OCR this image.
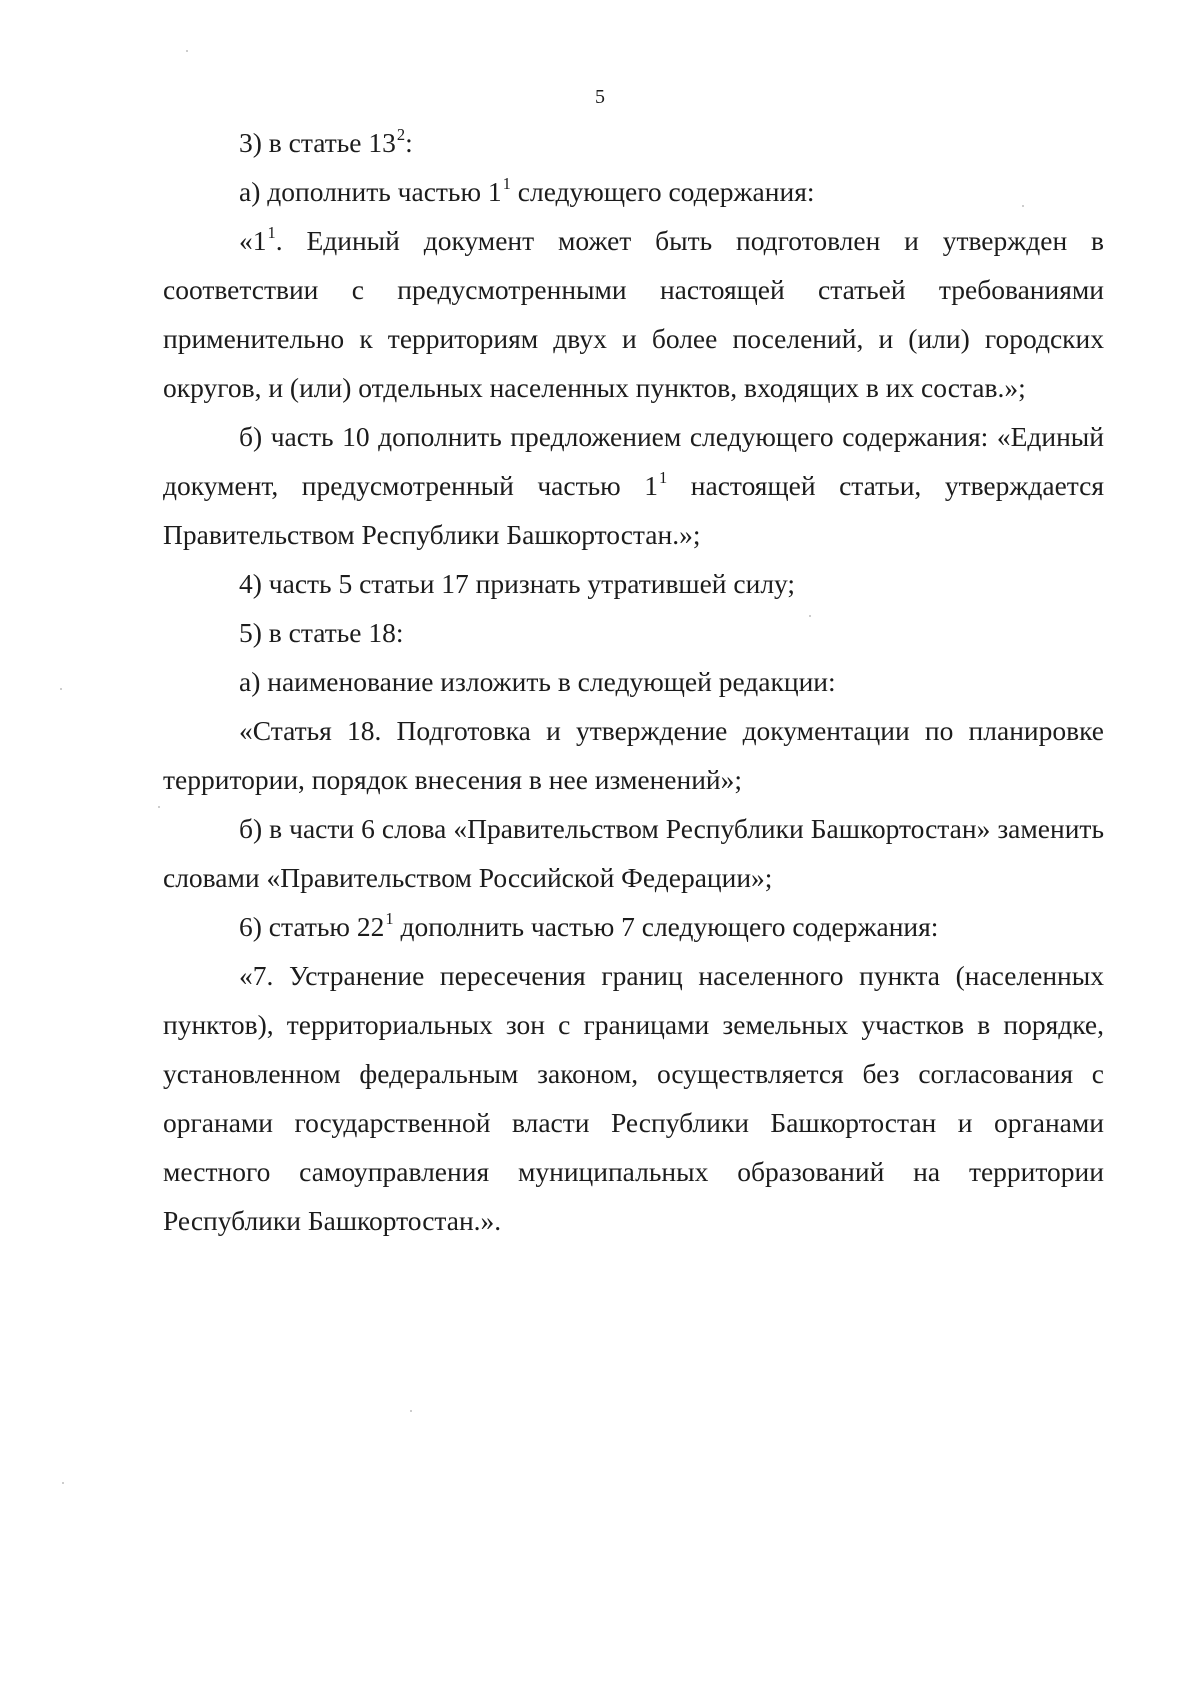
5

3) в статье $13^2$:

а) дополнить частью $1^1$ следующего содержания:

«$1^1$. Единый документ может быть подготовлен и утвержден в соответствии с предусмотренными настоящей статьей требованиями применительно к территориям двух и более поселений, и (или) городских округов, и (или) отдельных населенных пунктов, входящих в их состав.»;

б) часть 10 дополнить предложением следующего содержания: «Единый документ, предусмотренный частью $1^1$ настоящей статьи, утверждается Правительством Республики Башкортостан.»;

4) часть 5 статьи 17 признать утратившей силу;

5) в статье 18:

а) наименование изложить в следующей редакции:

«Статья 18. Подготовка и утверждение документации по планировке территории, порядок внесения в нее изменений»;

б) в части 6 слова «Правительством Республики Башкортостан» заменить словами «Правительством Российской Федерации»;

6) статью $22^1$ дополнить частью 7 следующего содержания:

«7. Устранение пересечения границ населенного пункта (населенных пунктов), территориальных зон с границами земельных участков в порядке, установленном федеральным законом, осуществляется без согласования с органами государственной власти Республики Башкортостан и органами местного самоуправления муниципальных образований на территории Республики Башкортостан.».
